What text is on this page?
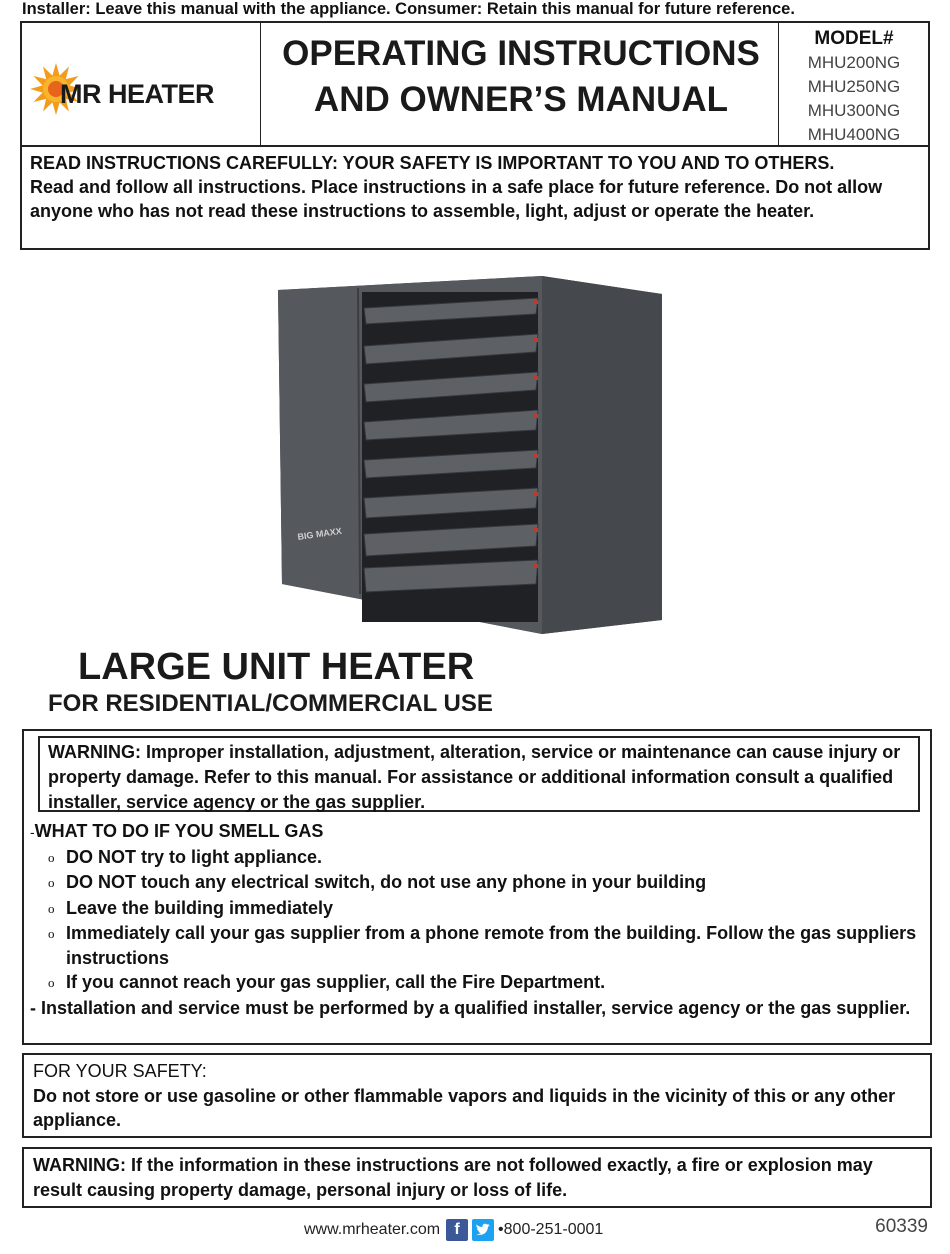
Installer: Leave this manual with the appliance. Consumer: Retain this manual for future reference.
MR HEATER
OPERATING INSTRUCTIONS
AND OWNER’S MANUAL
MODEL#
MHU200NG
MHU250NG
MHU300NG
MHU400NG
READ INSTRUCTIONS CAREFULLY: YOUR SAFETY IS IMPORTANT TO YOU AND TO OTHERS.
Read and follow all instructions. Place instructions in a safe place for future reference. Do not allow anyone who has not read these instructions to assemble, light, adjust or operate the heater.
BIG MAXX
LARGE UNIT HEATER
FOR RESIDENTIAL/COMMERCIAL USE
WARNING: Improper installation, adjustment, alteration, service or maintenance can cause injury or property damage. Refer to this manual. For assistance or additional information consult a qualified installer, service agency or the gas supplier.
-WHAT TO DO IF YOU SMELL GAS
o DO NOT try to light appliance.
o DO NOT touch any electrical switch, do not use any phone in your building
o Leave the building immediately
o Immediately call your gas supplier from a phone remote from the building. Follow the gas suppliers instructions
o If you cannot reach your gas supplier, call the Fire Department.
- Installation and service must be performed by a qualified installer, service agency or the gas supplier.
FOR YOUR SAFETY:
Do not store or use gasoline or other flammable vapors and liquids in the vicinity of this or any other appliance.
WARNING: If the information in these instructions are not followed exactly, a fire or explosion may result causing property damage, personal injury or loss of life.
www.mrheater.com f	•800-251-0001	60339
